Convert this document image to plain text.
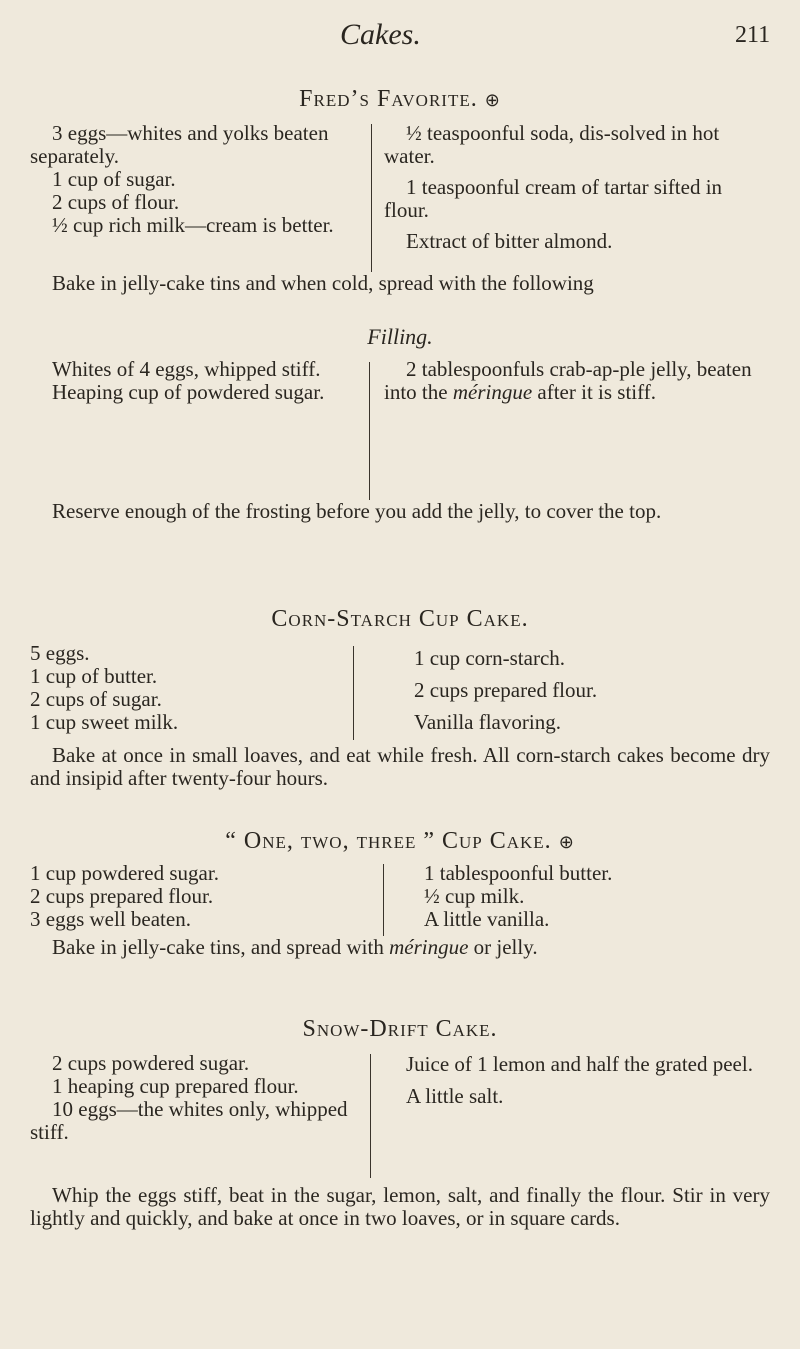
Cakes.	211
Fred’s Favorite. ⊕

3 eggs—whites and yolks beaten separately.

1 cup of sugar.

2 cups of flour.

½ cup rich milk—cream is better.

½ teaspoonful soda, dis-solved in hot water.

1 teaspoonful cream of tartar sifted in flour.

Extract of bitter almond.

Bake in jelly-cake tins and when cold, spread with the following

Filling.

Whites of 4 eggs, whipped stiff.

Heaping cup of powdered sugar.

2 tablespoonfuls crab-ap-ple jelly, beaten into the méringue after it is stiff.

Reserve enough of the frosting before you add the jelly, to cover the top.

Corn-Starch Cup Cake.

5 eggs.

1 cup of butter.

2 cups of sugar.

1 cup sweet milk.

1 cup corn-starch.

2 cups prepared flour.

Vanilla flavoring.

Bake at once in small loaves, and eat while fresh. All corn-starch cakes become dry and insipid after twenty-four hours.

“ One, two, three ” Cup Cake. ⊕

1 cup powdered sugar.

2 cups prepared flour.

3 eggs well beaten.

1 tablespoonful butter.

½ cup milk.

A little vanilla.

Bake in jelly-cake tins, and spread with méringue or jelly.

Snow-Drift Cake.

2 cups powdered sugar.

1 heaping cup prepared flour.

10 eggs—the whites only, whipped stiff.

Juice of 1 lemon and half the grated peel.

A little salt.

Whip the eggs stiff, beat in the sugar, lemon, salt, and finally the flour. Stir in very lightly and quickly, and bake at once in two loaves, or in square cards.
